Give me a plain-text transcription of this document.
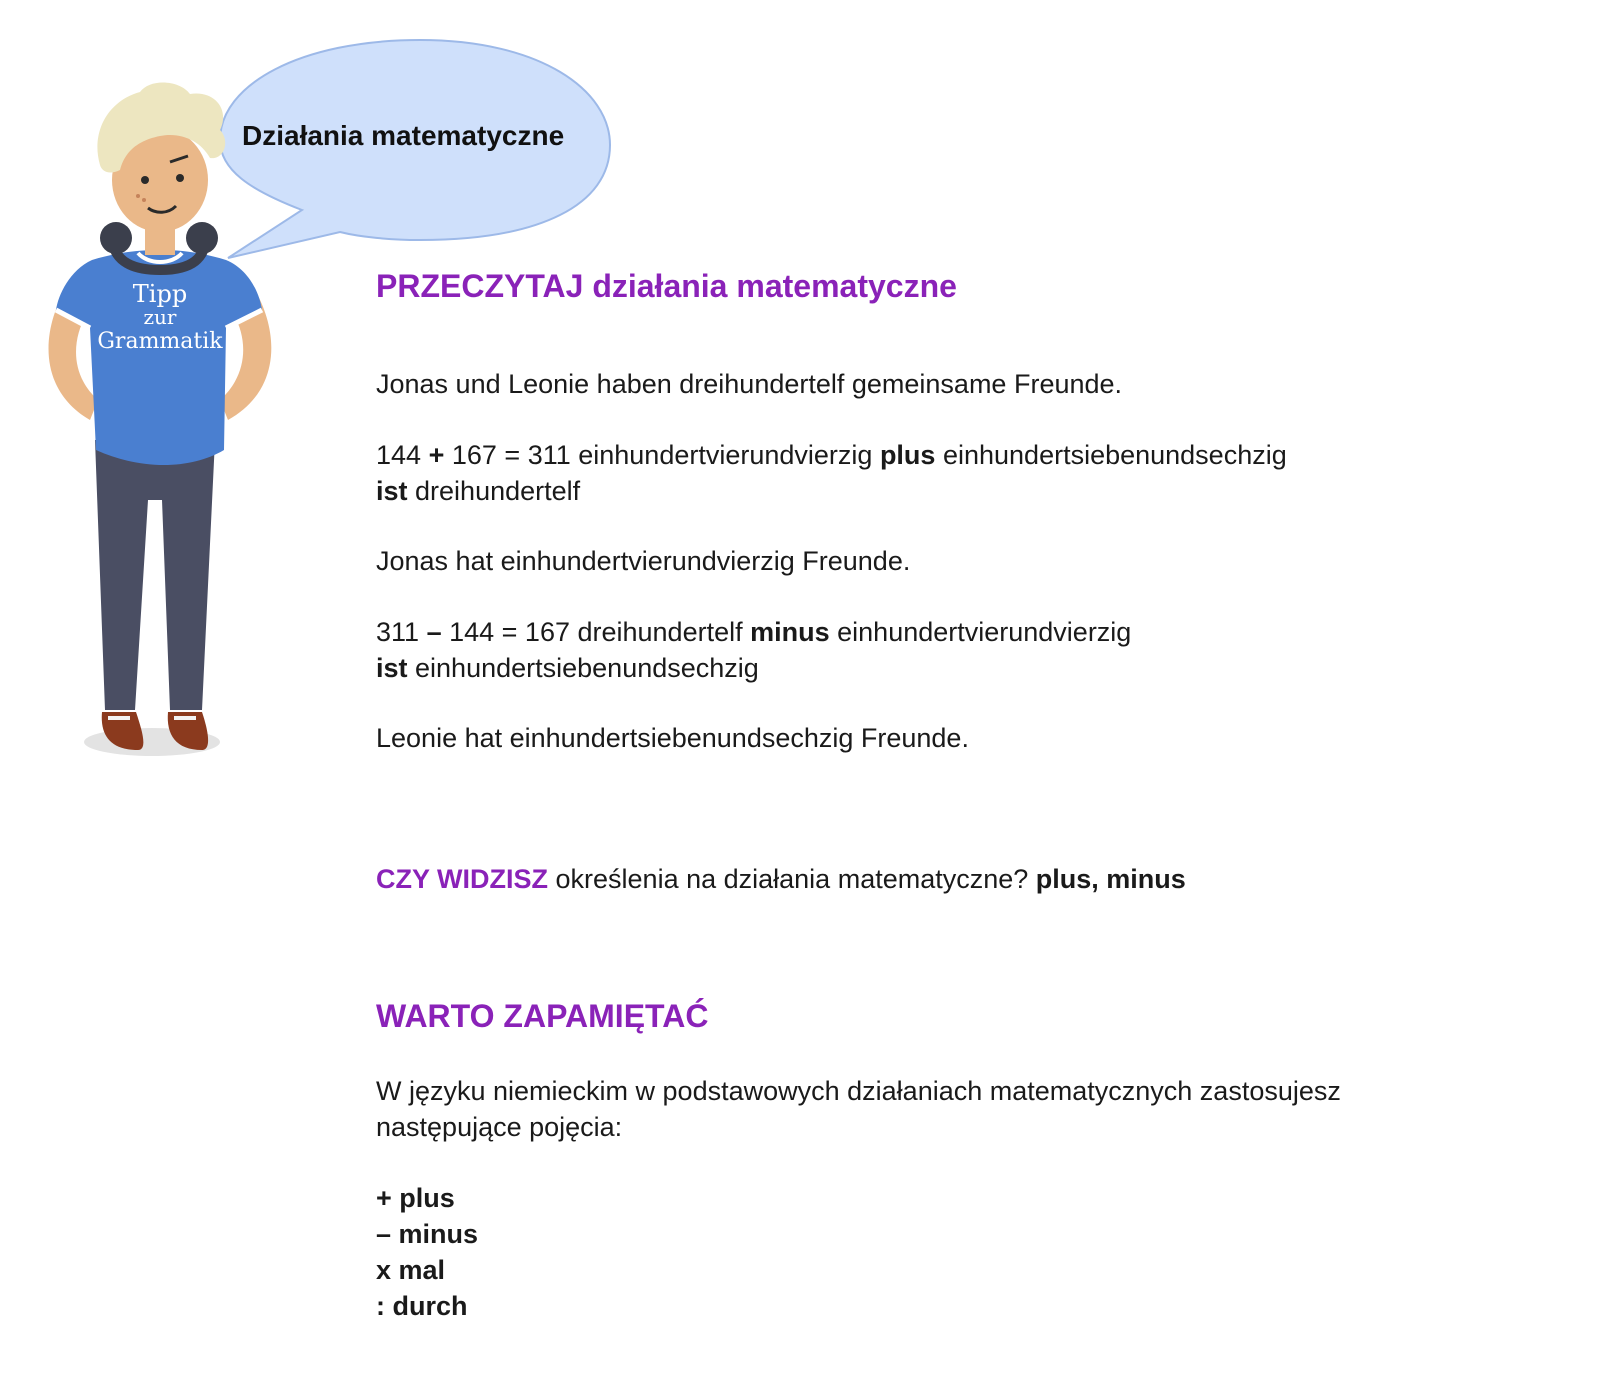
Działania matematyczne
Tipp
zur
Grammatik
PRZECZYTAJ działania matematyczne
Jonas und Leonie haben dreihundertelf gemeinsame Freunde.
144 + 167 = 311 einhundertvierundvierzig plus einhundertsiebenundsechzig
ist dreihundertelf
Jonas hat einhundertvierundvierzig Freunde.
311 – 144 = 167 dreihundertelf minus einhundertvierundvierzig
ist einhundertsiebenundsechzig
Leonie hat einhundertsiebenundsechzig Freunde.
CZY WIDZISZ określenia na działania matematyczne? plus, minus
WARTO ZAPAMIĘTAĆ
W języku niemieckim w podstawowych działaniach matematycznych zastosujesz
następujące pojęcia:
+ plus
– minus
x mal
: durch
